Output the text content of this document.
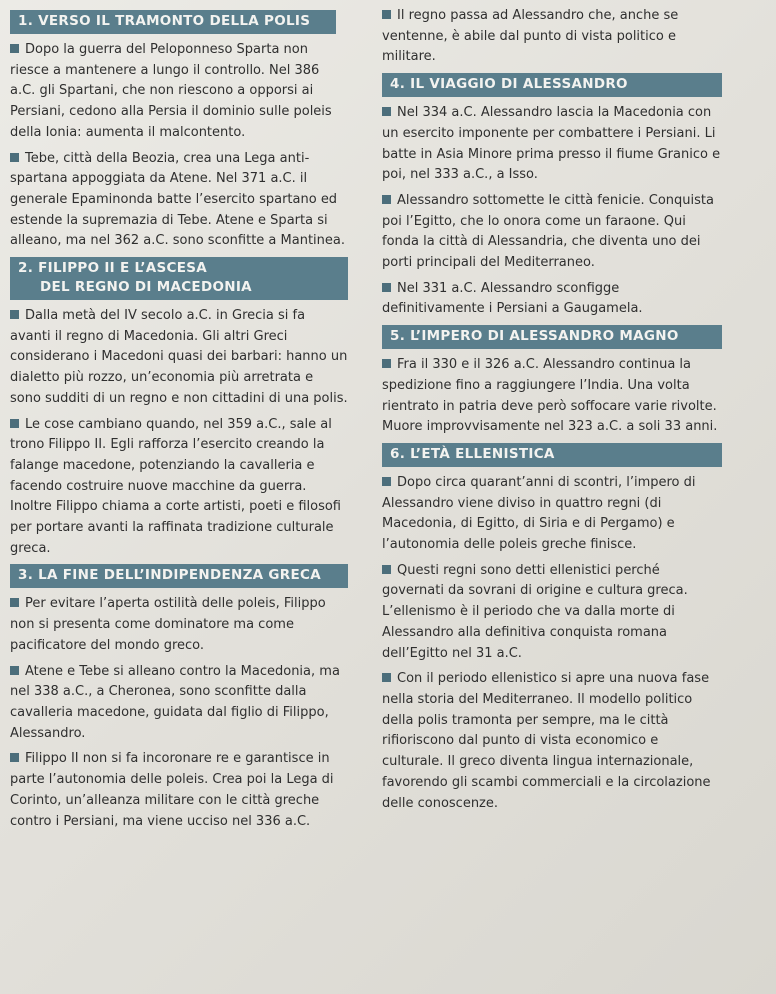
1. VERSO IL TRAMONTO DELLA POLIS

Dopo la guerra del Peloponneso Sparta non riesce a mantenere a lungo il controllo. Nel 386 a.C. gli Spartani, che non riescono a opporsi ai Persiani, cedono alla Persia il dominio sulle poleis della Ionia: aumenta il malcontento.

Tebe, città della Beozia, crea una Lega anti-spartana appoggiata da Atene. Nel 371 a.C. il generale Epaminonda batte l’esercito spartano ed estende la supremazia di Tebe. Atene e Sparta si alleano, ma nel 362 a.C. sono sconfitte a Mantinea.

2. FILIPPO II E L’ASCESA

DEL REGNO DI MACEDONIA

Dalla metà del IV secolo a.C. in Grecia si fa avanti il regno di Macedonia. Gli altri Greci considerano i Macedoni quasi dei barbari: hanno un dialetto più rozzo, un’economia più arretrata e sono sudditi di un regno e non cittadini di una polis.

Le cose cambiano quando, nel 359 a.C., sale al trono Filippo II. Egli rafforza l’esercito creando la falange macedone, potenziando la cavalleria e facendo costruire nuove macchine da guerra. Inoltre Filippo chiama a corte artisti, poeti e filosofi per portare avanti la raffinata tradizione culturale greca.

3. LA FINE DELL’INDIPENDENZA GRECA

Per evitare l’aperta ostilità delle poleis, Filippo non si presenta come dominatore ma come pacificatore del mondo greco.

Atene e Tebe si alleano contro la Macedonia, ma nel 338 a.C., a Cheronea, sono sconfitte dalla cavalleria macedone, guidata dal figlio di Filippo, Alessandro.

Filippo II non si fa incoronare re e garantisce in parte l’autonomia delle poleis. Crea poi la Lega di Corinto, un’alleanza militare con le città greche contro i Persiani, ma viene ucciso nel 336 a.C.

Il regno passa ad Alessandro che, anche se ventenne, è abile dal punto di vista politico e militare.

4. IL VIAGGIO DI ALESSANDRO

Nel 334 a.C. Alessandro lascia la Macedonia con un esercito imponente per combattere i Persiani. Li batte in Asia Minore prima presso il fiume Granico e poi, nel 333 a.C., a Isso.

Alessandro sottomette le città fenicie. Conquista poi l’Egitto, che lo onora come un faraone. Qui fonda la città di Alessandria, che diventa uno dei porti principali del Mediterraneo.

Nel 331 a.C. Alessandro sconfigge definitivamente i Persiani a Gaugamela.

5. L’IMPERO DI ALESSANDRO MAGNO

Fra il 330 e il 326 a.C. Alessandro continua la spedizione fino a raggiungere l’India. Una volta rientrato in patria deve però soffocare varie rivolte. Muore improvvisamente nel 323 a.C. a soli 33 anni.

6. L’ETÀ ELLENISTICA

Dopo circa quarant’anni di scontri, l’impero di Alessandro viene diviso in quattro regni (di Macedonia, di Egitto, di Siria e di Pergamo) e l’autonomia delle poleis greche finisce.

Questi regni sono detti ellenistici perché governati da sovrani di origine e cultura greca. L’ellenismo è il periodo che va dalla morte di Alessandro alla definitiva conquista romana dell’Egitto nel 31 a.C.

Con il periodo ellenistico si apre una nuova fase nella storia del Mediterraneo. Il modello politico della polis tramonta per sempre, ma le città rifioriscono dal punto di vista economico e culturale. Il greco diventa lingua internazionale, favorendo gli scambi commerciali e la circolazione delle conoscenze.
